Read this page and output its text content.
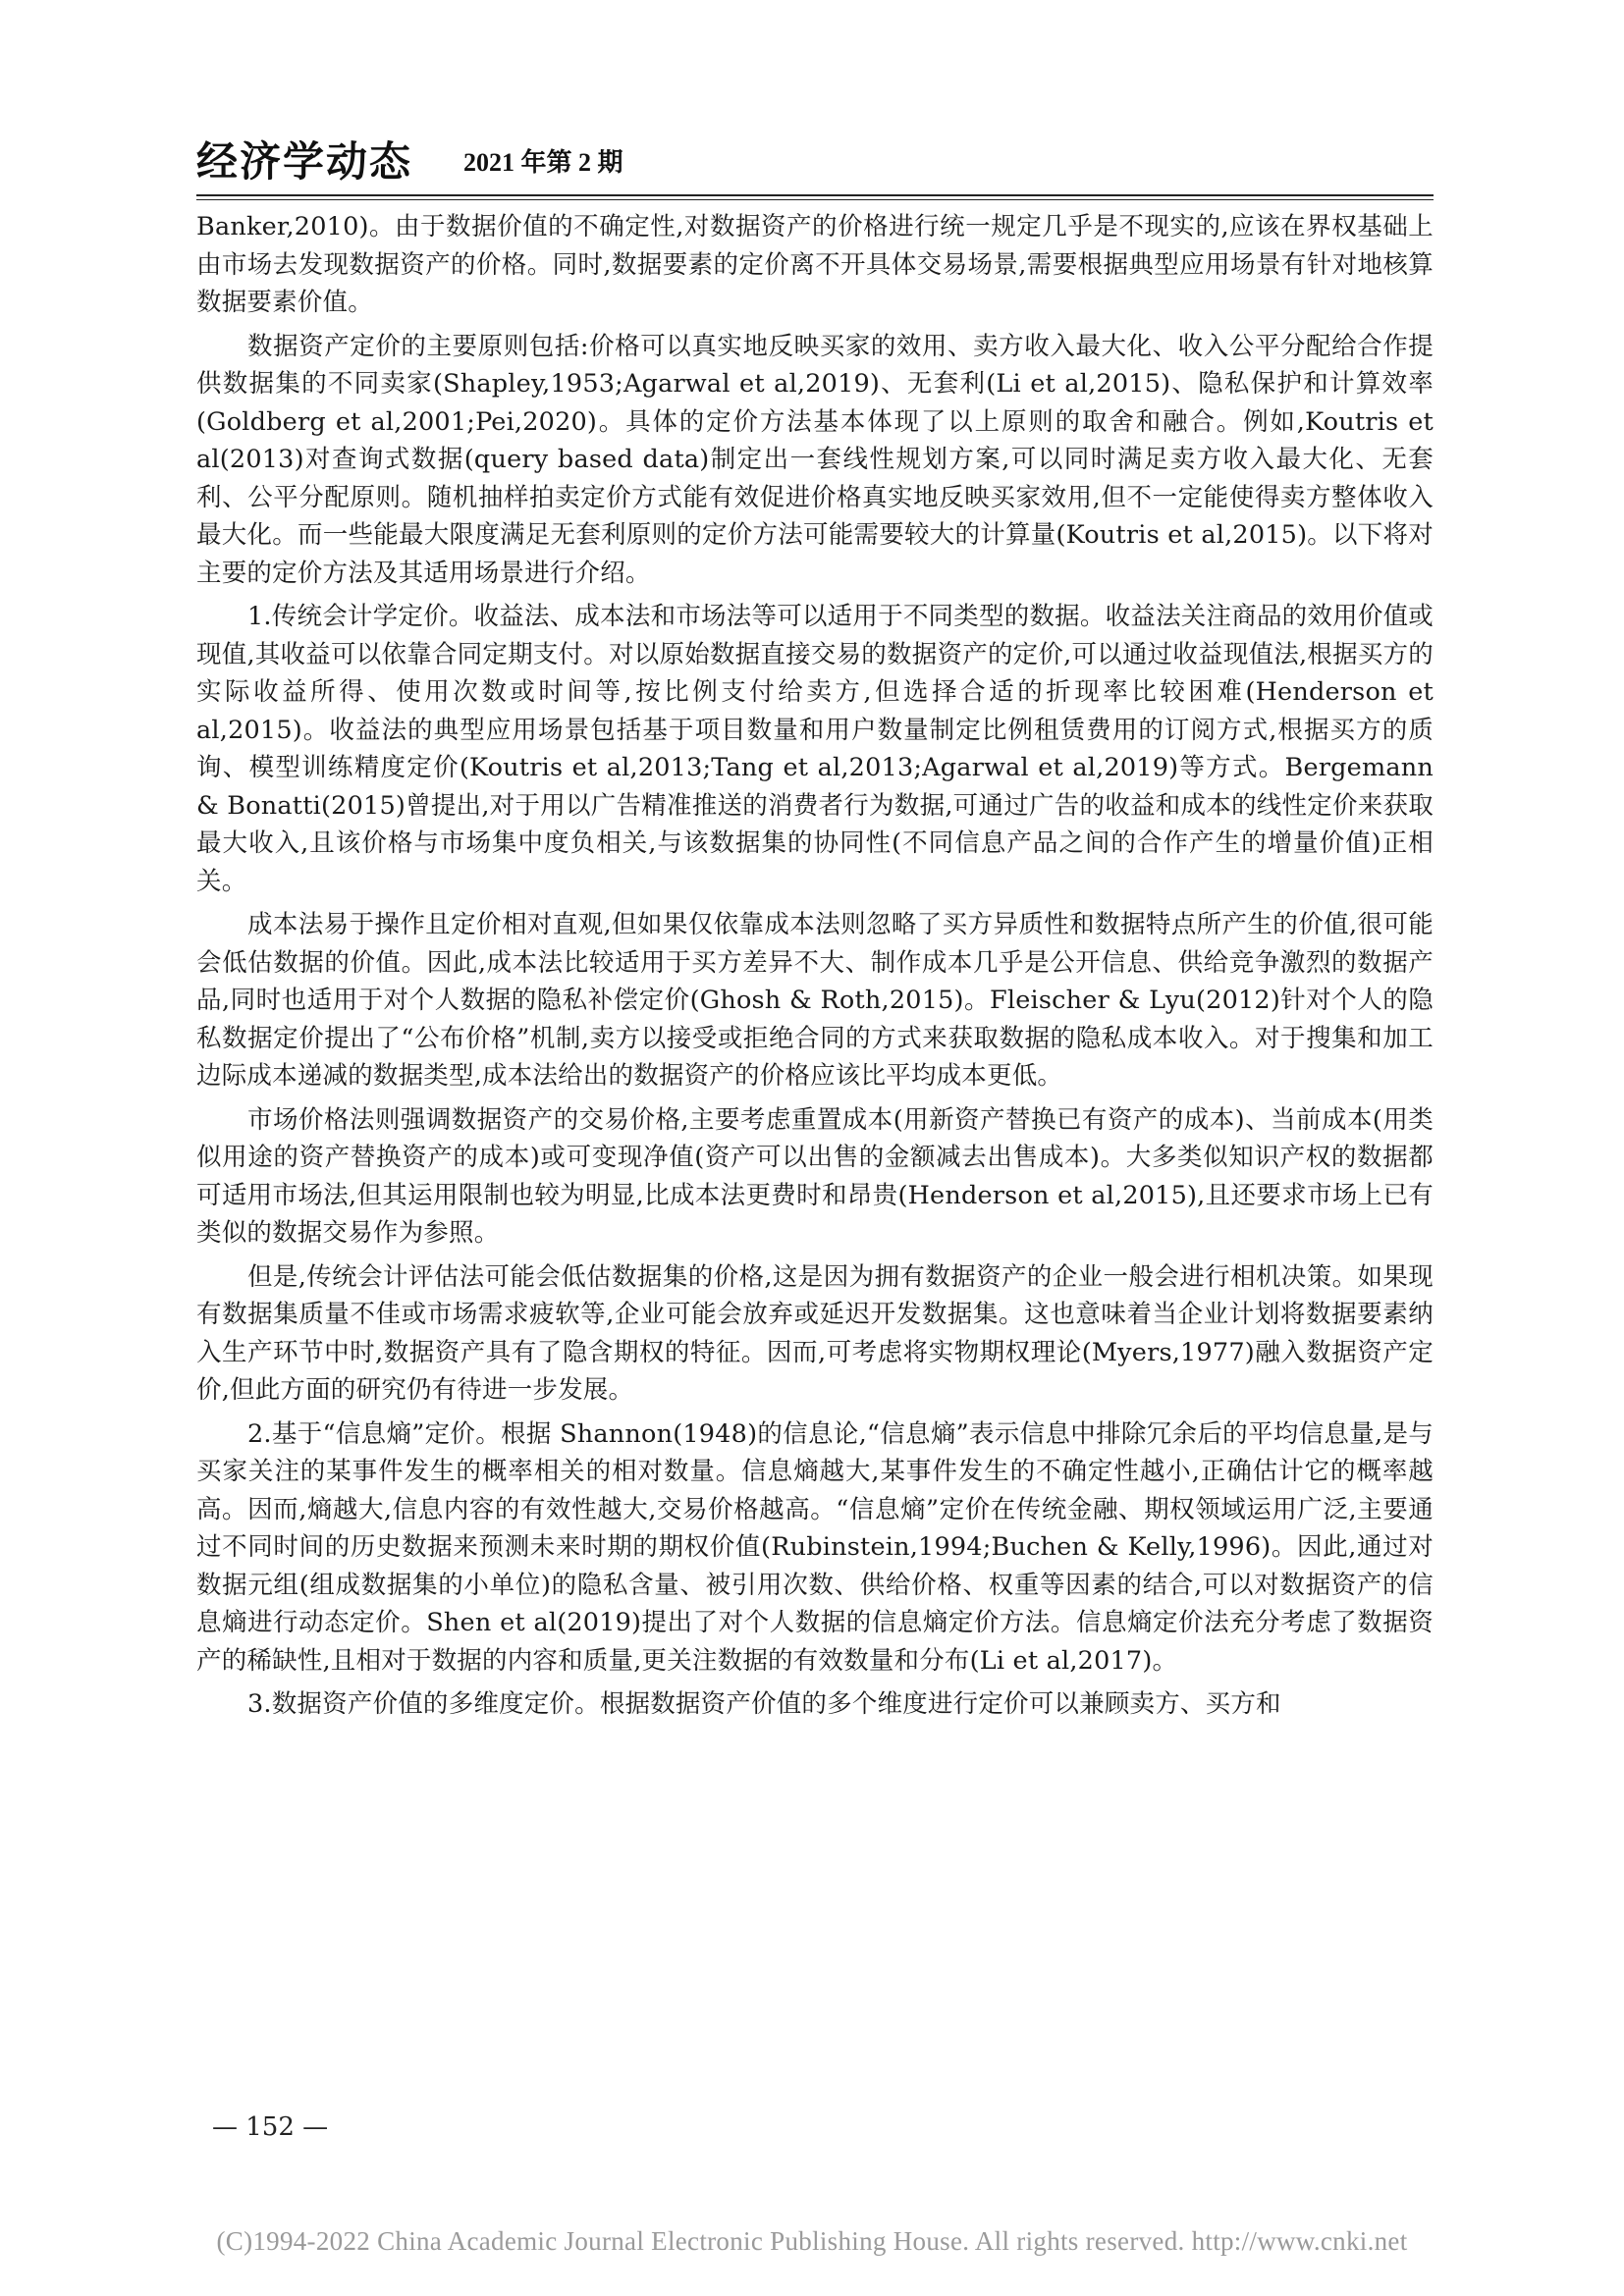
经济学动态 2021 年第 2 期

Banker,2010)。由于数据价值的不确定性,对数据资产的价格进行统一规定几乎是不现实的,应该在界权基础上由市场去发现数据资产的价格。同时,数据要素的定价离不开具体交易场景,需要根据典型应用场景有针对地核算数据要素价值。

数据资产定价的主要原则包括:价格可以真实地反映买家的效用、卖方收入最大化、收入公平分配给合作提供数据集的不同卖家(Shapley,1953;Agarwal et al,2019)、无套利(Li et al,2015)、隐私保护和计算效率(Goldberg et al,2001;Pei,2020)。具体的定价方法基本体现了以上原则的取舍和融合。例如,Koutris et al(2013)对查询式数据(query based data)制定出一套线性规划方案,可以同时满足卖方收入最大化、无套利、公平分配原则。随机抽样拍卖定价方式能有效促进价格真实地反映买家效用,但不一定能使得卖方整体收入最大化。而一些能最大限度满足无套利原则的定价方法可能需要较大的计算量(Koutris et al,2015)。以下将对主要的定价方法及其适用场景进行介绍。

1.传统会计学定价。收益法、成本法和市场法等可以适用于不同类型的数据。收益法关注商品的效用价值或现值,其收益可以依靠合同定期支付。对以原始数据直接交易的数据资产的定价,可以通过收益现值法,根据买方的实际收益所得、使用次数或时间等,按比例支付给卖方,但选择合适的折现率比较困难(Henderson et al,2015)。收益法的典型应用场景包括基于项目数量和用户数量制定比例租赁费用的订阅方式,根据买方的质询、模型训练精度定价(Koutris et al,2013;Tang et al,2013;Agarwal et al,2019)等方式。Bergemann & Bonatti(2015)曾提出,对于用以广告精准推送的消费者行为数据,可通过广告的收益和成本的线性定价来获取最大收入,且该价格与市场集中度负相关,与该数据集的协同性(不同信息产品之间的合作产生的增量价值)正相关。

成本法易于操作且定价相对直观,但如果仅依靠成本法则忽略了买方异质性和数据特点所产生的价值,很可能会低估数据的价值。因此,成本法比较适用于买方差异不大、制作成本几乎是公开信息、供给竞争激烈的数据产品,同时也适用于对个人数据的隐私补偿定价(Ghosh & Roth,2015)。Fleischer & Lyu(2012)针对个人的隐私数据定价提出了“公布价格”机制,卖方以接受或拒绝合同的方式来获取数据的隐私成本收入。对于搜集和加工边际成本递减的数据类型,成本法给出的数据资产的价格应该比平均成本更低。

市场价格法则强调数据资产的交易价格,主要考虑重置成本(用新资产替换已有资产的成本)、当前成本(用类似用途的资产替换资产的成本)或可变现净值(资产可以出售的金额减去出售成本)。大多类似知识产权的数据都可适用市场法,但其运用限制也较为明显,比成本法更费时和昂贵(Henderson et al,2015),且还要求市场上已有类似的数据交易作为参照。

但是,传统会计评估法可能会低估数据集的价格,这是因为拥有数据资产的企业一般会进行相机决策。如果现有数据集质量不佳或市场需求疲软等,企业可能会放弃或延迟开发数据集。这也意味着当企业计划将数据要素纳入生产环节中时,数据资产具有了隐含期权的特征。因而,可考虑将实物期权理论(Myers,1977)融入数据资产定价,但此方面的研究仍有待进一步发展。

2.基于“信息熵”定价。根据 Shannon(1948)的信息论,“信息熵”表示信息中排除冗余后的平均信息量,是与买家关注的某事件发生的概率相关的相对数量。信息熵越大,某事件发生的不确定性越小,正确估计它的概率越高。因而,熵越大,信息内容的有效性越大,交易价格越高。“信息熵”定价在传统金融、期权领域运用广泛,主要通过不同时间的历史数据来预测未来时期的期权价值(Rubinstein,1994;Buchen & Kelly,1996)。因此,通过对数据元组(组成数据集的小单位)的隐私含量、被引用次数、供给价格、权重等因素的结合,可以对数据资产的信息熵进行动态定价。Shen et al(2019)提出了对个人数据的信息熵定价方法。信息熵定价法充分考虑了数据资产的稀缺性,且相对于数据的内容和质量,更关注数据的有效数量和分布(Li et al,2017)。

3.数据资产价值的多维度定价。根据数据资产价值的多个维度进行定价可以兼顾卖方、买方和

— 152 —
(C)1994-2022 China Academic Journal Electronic Publishing House. All rights reserved. http://www.cnki.net
